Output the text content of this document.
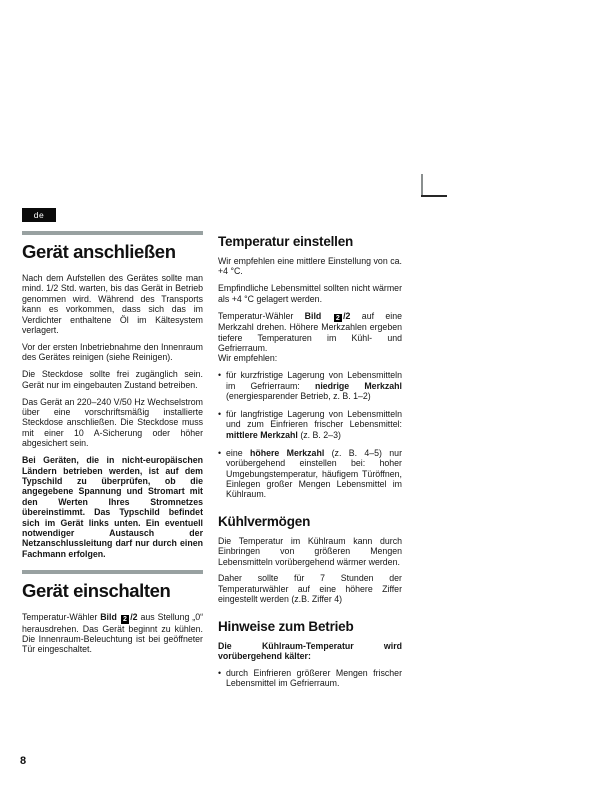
de
Gerät anschließen

Nach dem Aufstellen des Gerätes sollte man mind. 1/2 Std. warten, bis das Gerät in Betrieb genommen wird. Während des Transports kann es vorkommen, dass sich das im Verdichter enthaltene Öl im Kältesystem verlagert.

Vor der ersten Inbetriebnahme den Innenraum des Gerätes reinigen (siehe Reinigen).

Die Steckdose sollte frei zugänglich sein. Gerät nur im eingebauten Zustand betreiben.

Das Gerät an 220–240 V/50 Hz Wechselstrom über eine vorschriftsmäßig installierte Steckdose anschließen. Die Steckdose muss mit einer 10 A-Sicherung oder höher abgesichert sein.

Bei Geräten, die in nicht-europäischen Ländern betrieben werden, ist auf dem Typschild zu überprüfen, ob die angegebene Spannung und Stromart mit den Werten Ihres Stromnetzes übereinstimmt. Das Typschild befindet sich im Gerät links unten. Ein eventuell notwendiger Austausch der Netzanschlussleitung darf nur durch einen Fachmann erfolgen.

Gerät einschalten

Temperatur-Wähler Bild 2 /2 aus Stellung „0“ herausdrehen. Das Gerät beginnt zu kühlen. Die Innenraum-Beleuchtung ist bei geöffneter Tür eingeschaltet.

Temperatur einstellen

Wir empfehlen eine mittlere Einstellung von ca. +4 °C.

Empfindliche Lebensmittel sollten nicht wärmer als +4 °C gelagert werden.

Temperatur-Wähler Bild 2 /2 auf eine Merkzahl drehen. Höhere Merkzahlen ergeben tiefere Temperaturen im Kühl- und Gefrierraum.

Wir empfehlen:

• für kurzfristige Lagerung von Lebensmitteln im Gefrierraum: niedrige Merkzahl (energiesparender Betrieb, z. B. 1–2)
• für langfristige Lagerung von Lebensmitteln und zum Einfrieren frischer Lebensmittel: mittlere Merkzahl (z. B. 2–3)
• eine höhere Merkzahl (z. B. 4–5) nur vorübergehend einstellen bei: hoher Umgebungstemperatur, häufigem Türöffnen, Einlegen großer Mengen Lebensmittel im Kühlraum.
Kühlvermögen

Die Temperatur im Kühlraum kann durch Einbringen von größeren Mengen Lebensmitteln vorübergehend wärmer werden.

Daher sollte für 7 Stunden der Temperaturwähler auf eine höhere Ziffer eingestellt werden (z.B. Ziffer 4)

Hinweise zum Betrieb

Die Kühlraum-Temperatur wird vorübergehend kälter:

• durch Einfrieren größerer Mengen frischer Lebensmittel im Gefrierraum.
8
